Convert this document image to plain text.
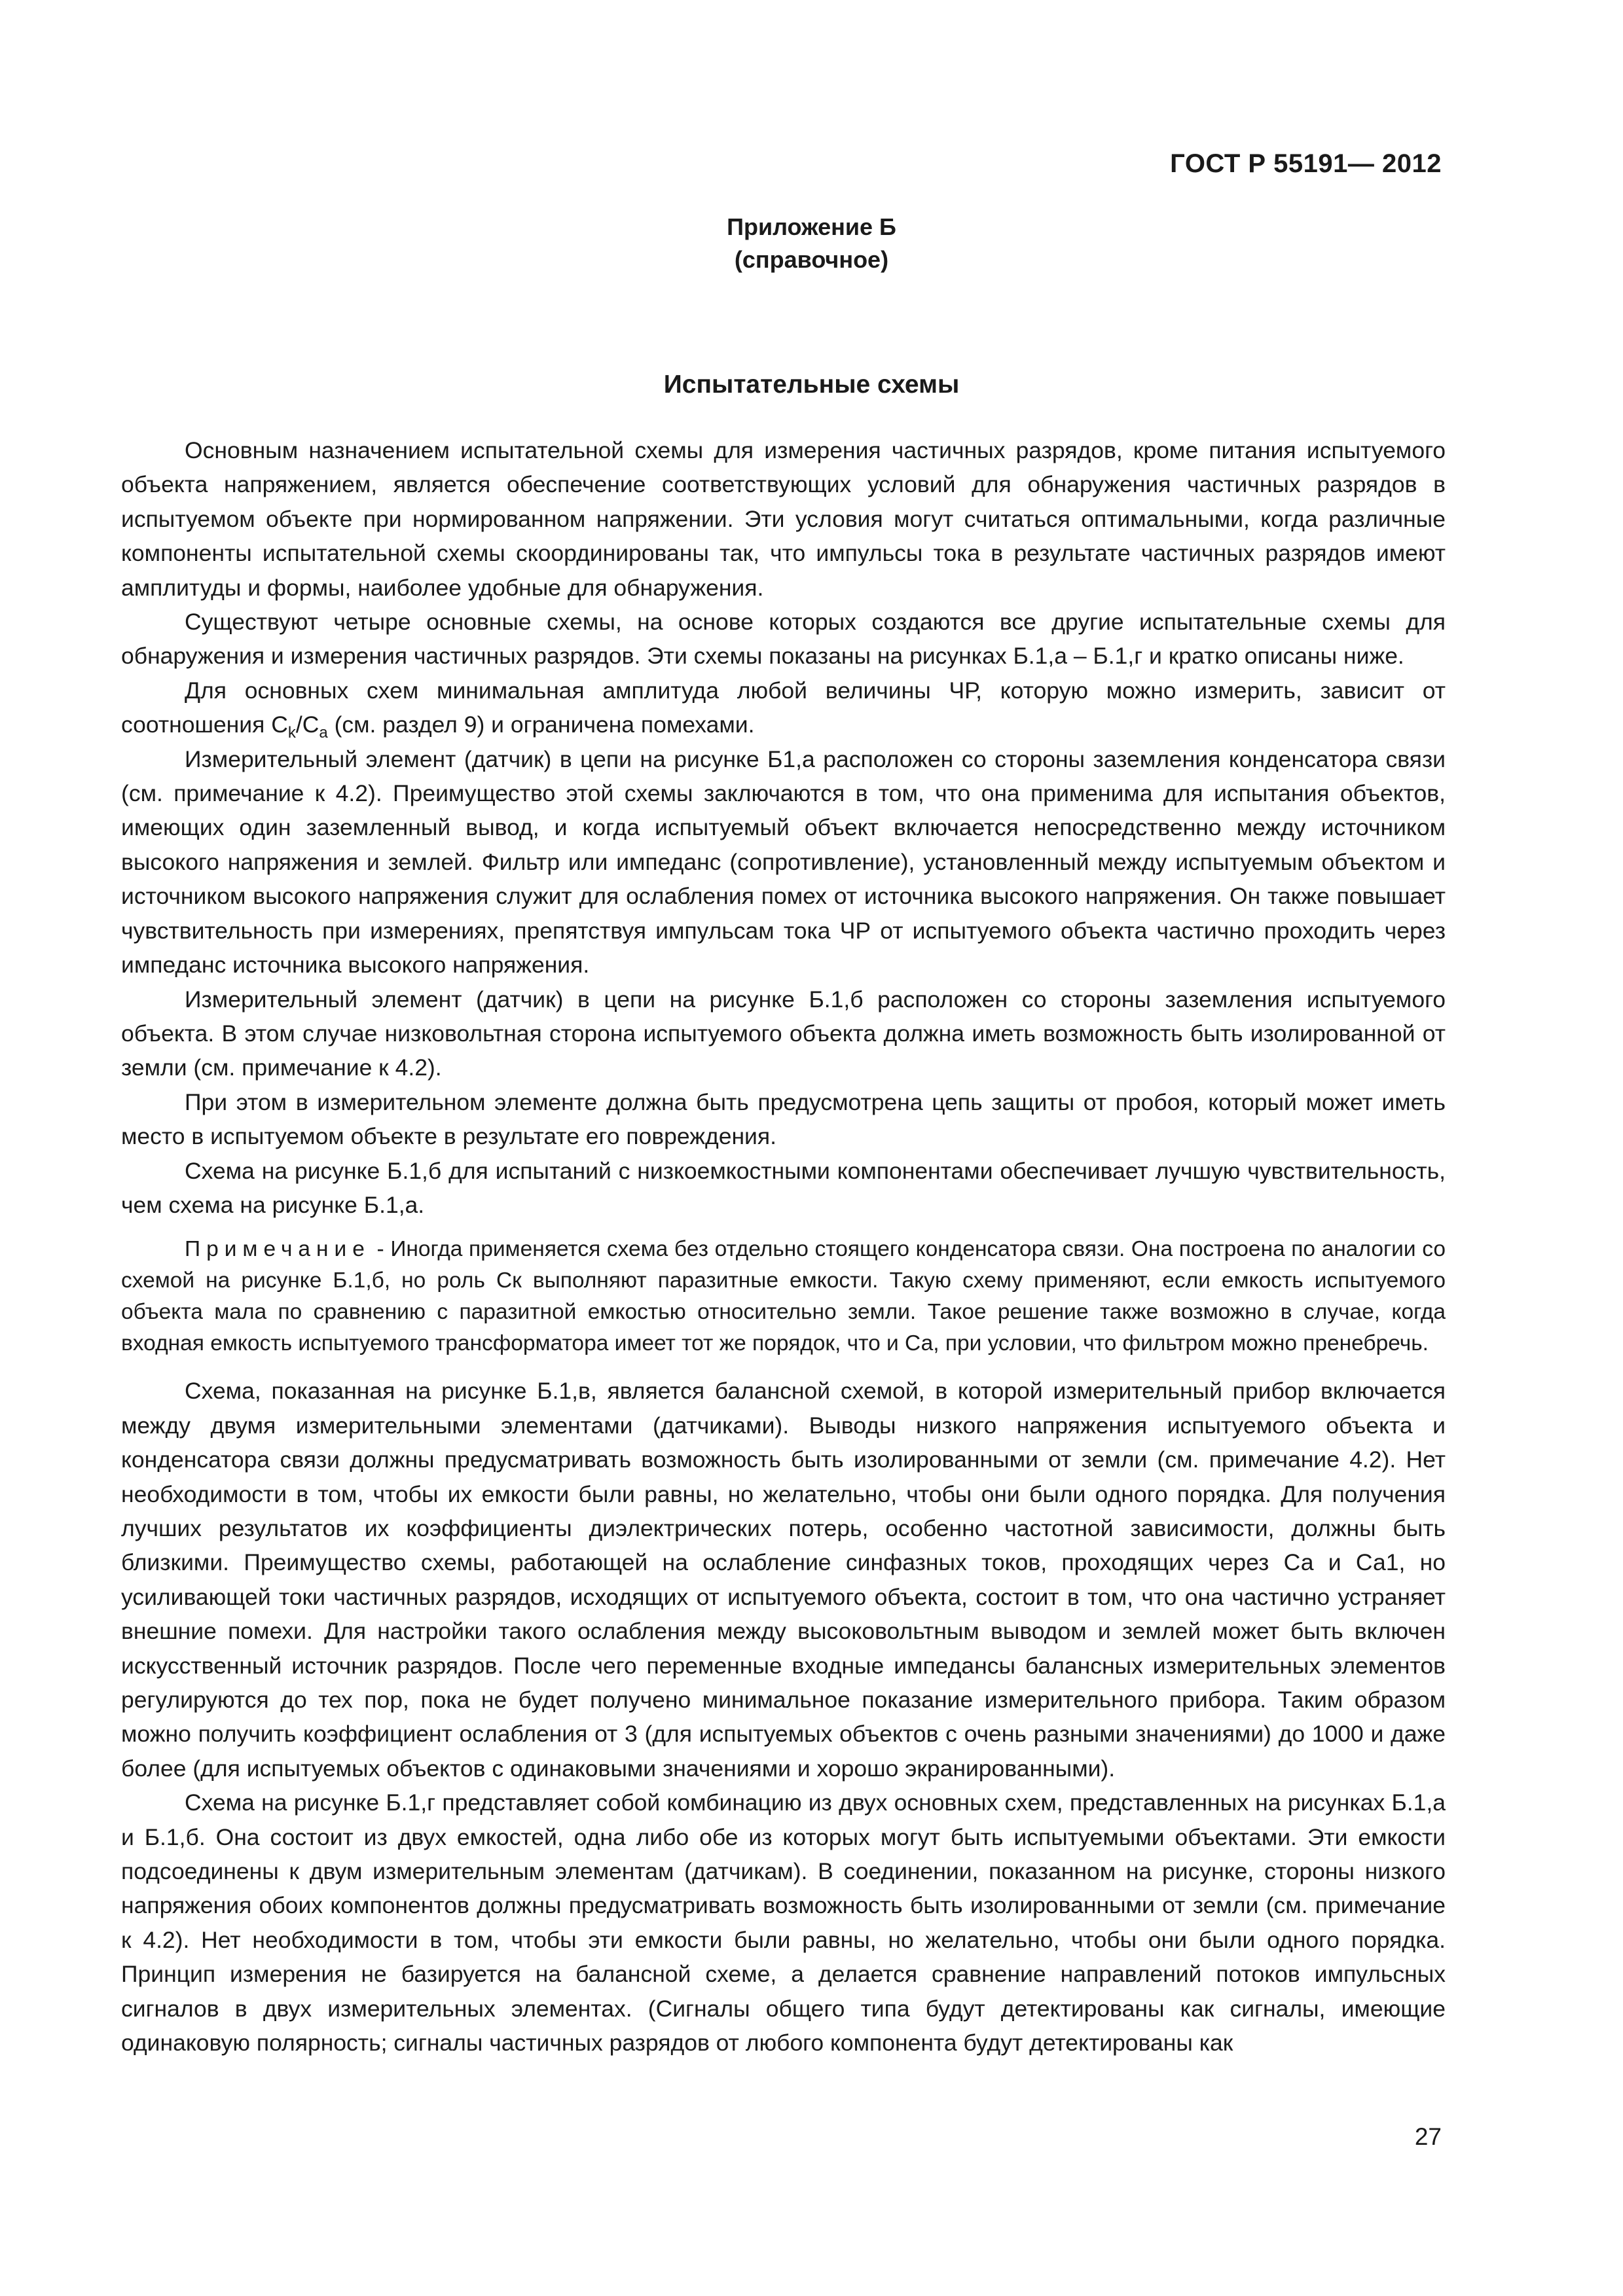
ГОСТ Р 55191— 2012
Приложение Б
(справочное)
Испытательные схемы

Основным назначением испытательной схемы для измерения частичных разрядов, кроме питания испытуемого объекта напряжением, является обеспечение соответствующих условий для обнаружения частичных разрядов в испытуемом объекте при нормированном напряжении. Эти условия могут считаться оптимальными, когда различные компоненты испытательной схемы скоординированы так, что импульсы тока в результате частичных разрядов имеют амплитуды и формы, наиболее удобные для обнаружения.

Существуют четыре основные схемы, на основе которых создаются все другие испытательные схемы для обнаружения и измерения частичных разрядов. Эти схемы показаны на рисунках Б.1,а – Б.1,г и кратко описаны ниже.

Для основных схем минимальная амплитуда любой величины ЧР, которую можно измерить, зависит от соотношения $C_k/C_a$ (см. раздел 9) и ограничена помехами.

Измерительный элемент (датчик) в цепи на рисунке Б1,а расположен со стороны заземления конденсатора связи (см. примечание к 4.2). Преимущество этой схемы заключаются в том, что она применима для испытания объектов, имеющих один заземленный вывод, и когда испытуемый объект включается непосредственно между источником высокого напряжения и землей. Фильтр или импеданс (сопротивление), установленный между испытуемым объектом и источником высокого напряжения служит для ослабления помех от источника высокого напряжения. Он также повышает чувствительность при измерениях, препятствуя импульсам тока ЧР от испытуемого объекта частично проходить через импеданс источника высокого напряжения.

Измерительный элемент (датчик) в цепи на рисунке Б.1,б расположен со стороны заземления испытуемого объекта. В этом случае низковольтная сторона испытуемого объекта должна иметь возможность быть изолированной от земли (см. примечание к 4.2).

При этом в измерительном элементе должна быть предусмотрена цепь защиты от пробоя, который может иметь место в испытуемом объекте в результате его повреждения.

Схема на рисунке Б.1,б для испытаний с низкоемкостными компонентами обеспечивает лучшую чувствительность, чем схема на рисунке Б.1,а.

Примечание - Иногда применяется схема без отдельно стоящего конденсатора связи. Она построена по аналогии со схемой на рисунке Б.1,б, но роль Ск выполняют паразитные емкости. Такую схему применяют, если емкость испытуемого объекта мала по сравнению с паразитной емкостью относительно земли. Такое решение также возможно в случае, когда входная емкость испытуемого трансформатора имеет тот же порядок, что и Са, при условии, что фильтром можно пренебречь.

Схема, показанная на рисунке Б.1,в, является балансной схемой, в которой измерительный прибор включается между двумя измерительными элементами (датчиками). Выводы низкого напряжения испытуемого объекта и конденсатора связи должны предусматривать возможность быть изолированными от земли (см. примечание 4.2). Нет необходимости в том, чтобы их емкости были равны, но желательно, чтобы они были одного порядка. Для получения лучших результатов их коэффициенты диэлектрических потерь, особенно частотной зависимости, должны быть близкими. Преимущество схемы, работающей на ослабление синфазных токов, проходящих через Са и Са1, но усиливающей токи частичных разрядов, исходящих от испытуемого объекта, состоит в том, что она частично устраняет внешние помехи. Для настройки такого ослабления между высоковольтным выводом и землей может быть включен искусственный источник разрядов. После чего переменные входные импедансы балансных измерительных элементов регулируются до тех пор, пока не будет получено минимальное показание измерительного прибора. Таким образом можно получить коэффициент ослабления от 3 (для испытуемых объектов с очень разными значениями) до 1000 и даже более (для испытуемых объектов с одинаковыми значениями и хорошо экранированными).

Схема на рисунке Б.1,г представляет собой комбинацию из двух основных схем, представленных на рисунках Б.1,а и Б.1,б. Она состоит из двух емкостей, одна либо обе из которых могут быть испытуемыми объектами. Эти емкости подсоединены к двум измерительным элементам (датчикам). В соединении, показанном на рисунке, стороны низкого напряжения обоих компонентов должны предусматривать возможность быть изолированными от земли (см. примечание к 4.2). Нет необходимости в том, чтобы эти емкости были равны, но желательно, чтобы они были одного порядка. Принцип измерения не базируется на балансной схеме, а делается сравнение направлений потоков импульсных сигналов в двух измерительных элементах. (Сигналы общего типа будут детектированы как сигналы, имеющие одинаковую полярность; сигналы частичных разрядов от любого компонента будут детектированы как

27
